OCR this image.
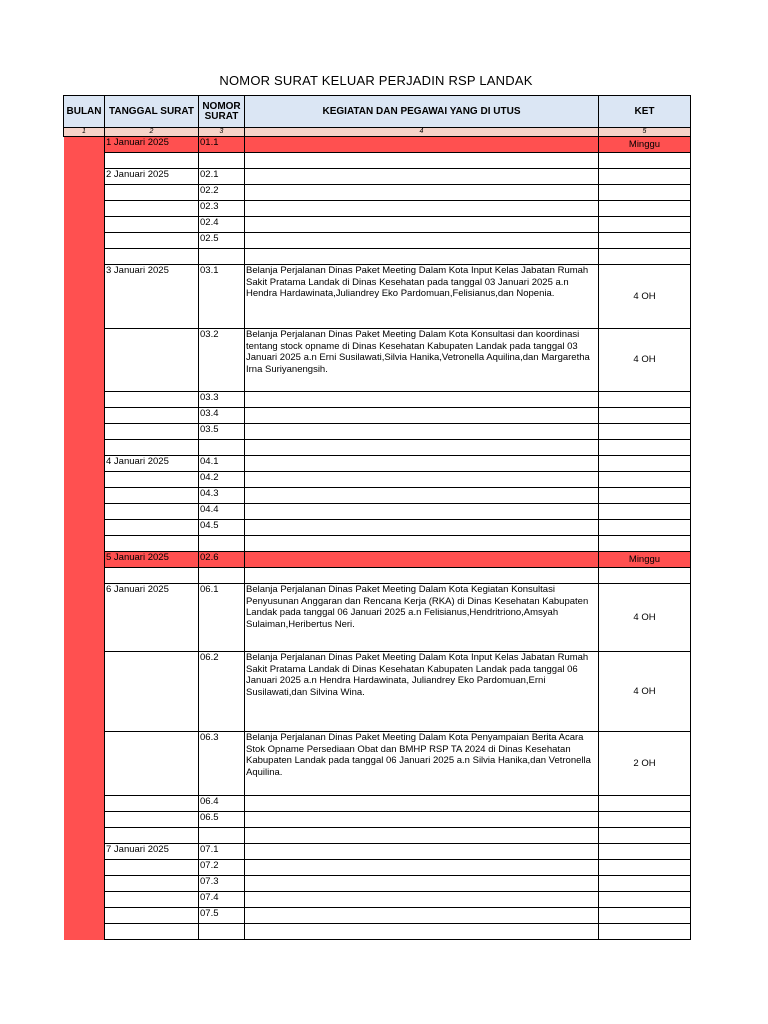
NOMOR SURAT KELUAR PERJADIN RSP LANDAK
BULAN	TANGGAL SURAT	NOMOR SURAT	KEGIATAN DAN PEGAWAI YANG DI UTUS	KET
1	2	3	4	5
	1 Januari 2025	01.1		Minggu

	2 Januari 2025	02.1		
		02.2		
		02.3		
		02.4		
		02.5		

	3 Januari 2025	03.1	Belanja Perjalanan Dinas Paket Meeting Dalam Kota Input Kelas Jabatan Rumah Sakit Pratama Landak di Dinas Kesehatan pada tanggal 03 Januari 2025 a.n Hendra Hardawinata,Juliandrey Eko Pardomuan,Felisianus,dan Nopenia.	4 OH
		03.2	Belanja Perjalanan Dinas Paket Meeting Dalam Kota Konsultasi dan koordinasi tentang stock opname di Dinas Kesehatan Kabupaten Landak pada tanggal 03 Januari 2025 a.n Erni Susilawati,Silvia Hanika,Vetronella Aquilina,dan Margaretha Irna Suriyanengsih.	4 OH
		03.3		
		03.4		
		03.5		

	4 Januari 2025	04.1		
		04.2		
		04.3		
		04.4		
		04.5		

	5 Januari 2025	02.6		Minggu

	6 Januari 2025	06.1	Belanja Perjalanan Dinas Paket Meeting Dalam Kota Kegiatan Konsultasi Penyusunan Anggaran dan Rencana Kerja (RKA) di Dinas Kesehatan Kabupaten Landak pada tanggal 06 Januari 2025 a.n Felisianus,Hendritriono,Amsyah Sulaiman,Heribertus Neri.	4 OH
		06.2	Belanja Perjalanan Dinas Paket Meeting Dalam Kota Input Kelas Jabatan Rumah Sakit Pratama Landak di Dinas Kesehatan Kabupaten Landak pada tanggal 06 Januari 2025 a.n Hendra Hardawinata, Juliandrey Eko Pardomuan,Erni Susilawati,dan Silvina Wina.	4 OH
		06.3	Belanja Perjalanan Dinas Paket Meeting Dalam Kota Penyampaian Berita Acara Stok Opname Persediaan Obat dan BMHP RSP TA 2024 di Dinas Kesehatan Kabupaten Landak pada tanggal 06 Januari 2025 a.n Silvia Hanika,dan Vetronella Aquilina.	2 OH
		06.4		
		06.5		

	7 Januari 2025	07.1		
		07.2		
		07.3		
		07.4		
		07.5		
